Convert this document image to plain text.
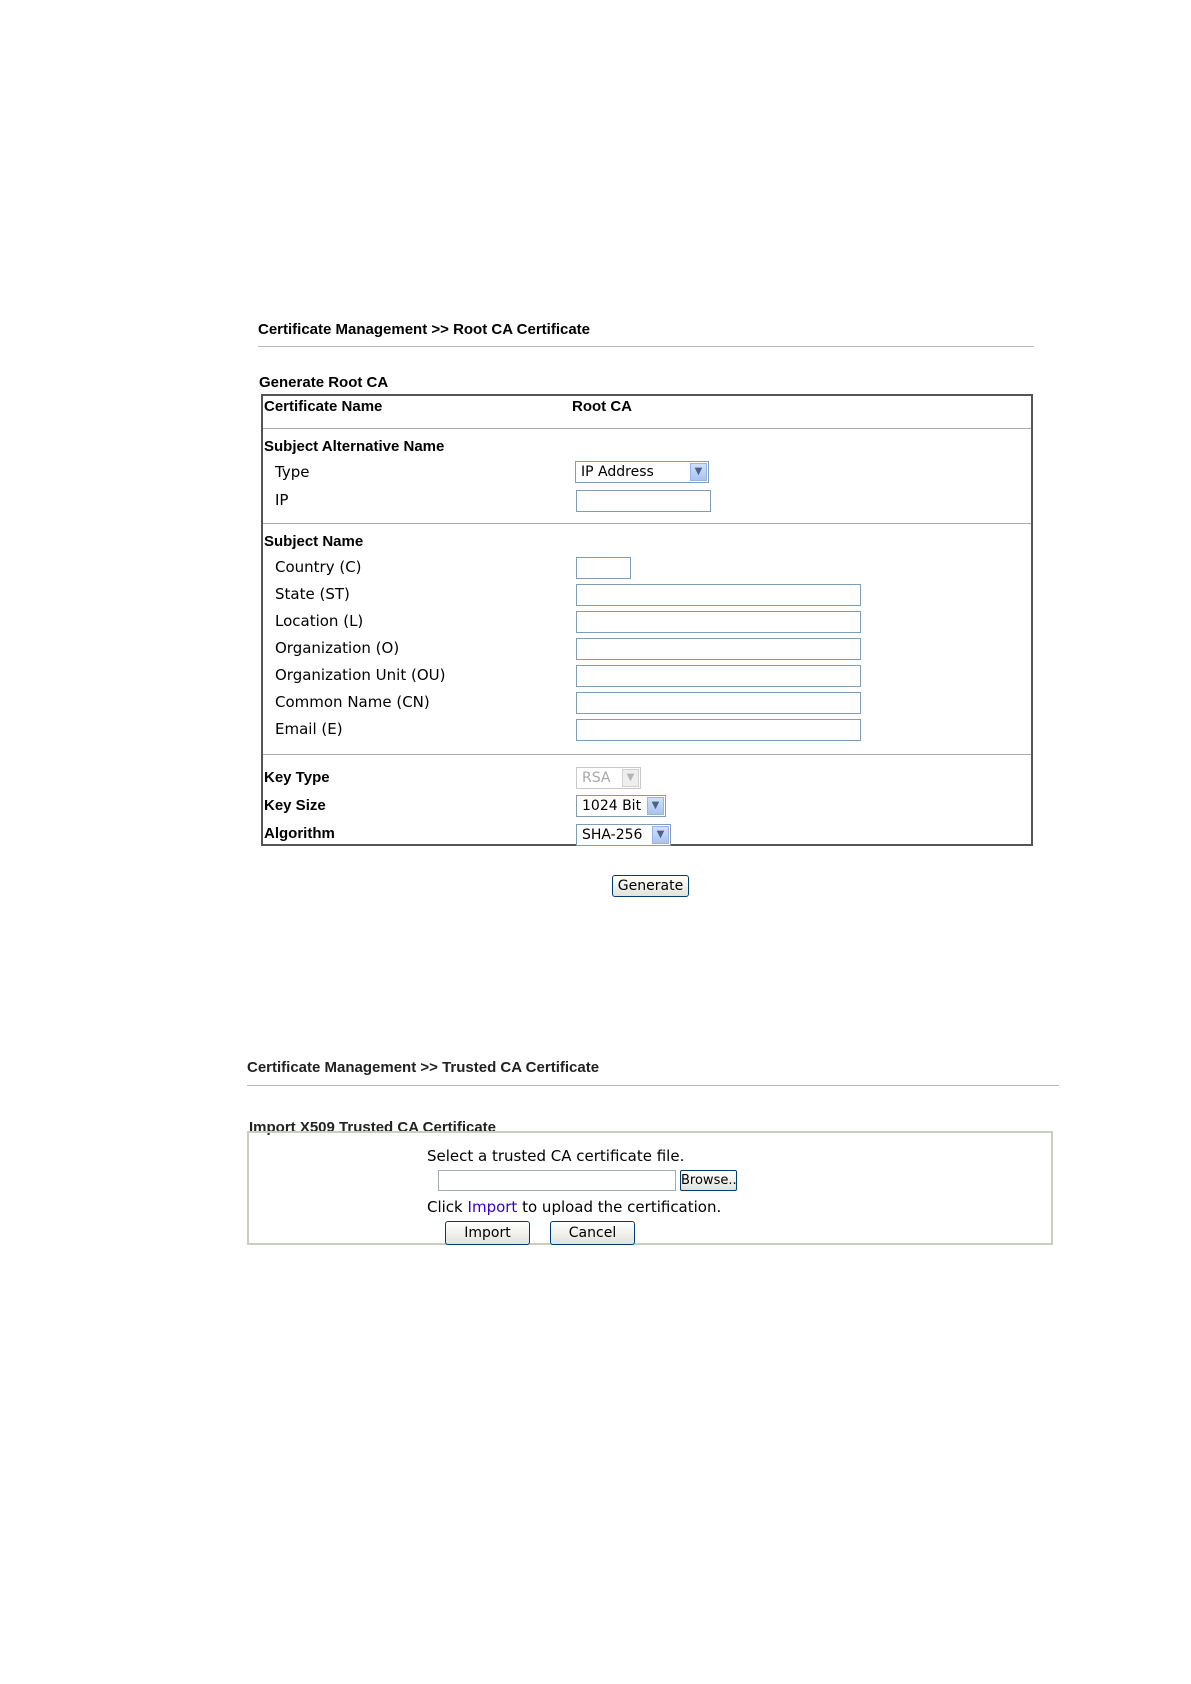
Certificate Management >> Root CA Certificate
Generate Root CA
Certificate Name	Root CA
Subject Alternative Name
Type	IP Address	▼
IP
Subject Name
Country (C)
State (ST)
Location (L)
Organization (O)
Organization Unit (OU)
Common Name (CN)
Email (E)
Key Type	RSA	▼
Key Size	1024 Bit	▼
Algorithm	SHA-256	▼
Generate
Certificate Management >> Trusted CA Certificate
Import X509 Trusted CA Certificate
Select a trusted CA certificate file.
Browse..
Click Import to upload the certification.
Import	Cancel
